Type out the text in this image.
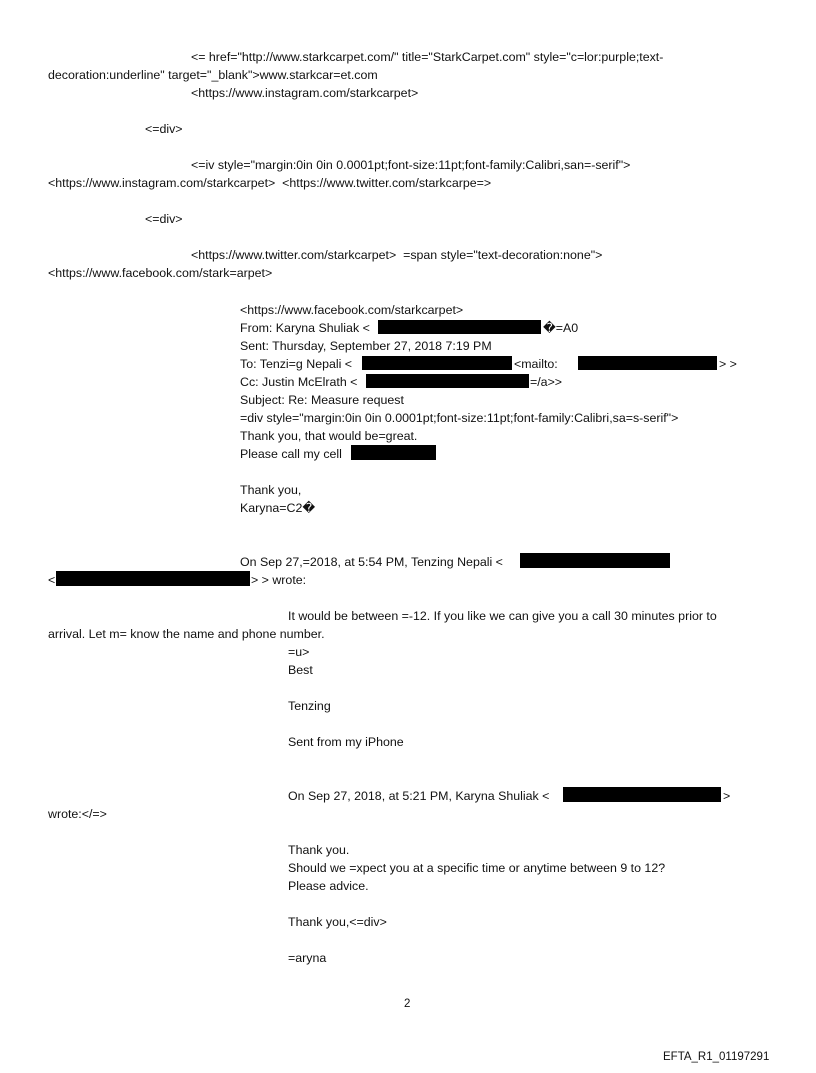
<= href="http://www.starkcarpet.com/" title="StarkCarpet.com" style="c=lor:purple;text-
decoration:underline" target="_blank">www.starkcar=et.com
<https://www.instagram.com/starkcarpet>
<=div>
<=iv style="margin:0in 0in 0.0001pt;font-size:11pt;font-family:Calibri,san=-serif">
<https://www.instagram.com/starkcarpet>  <https://www.twitter.com/starkcarpe=>
<=div>
<https://www.twitter.com/starkcarpet>  =span style="text-decoration:none">
<https://www.facebook.com/stark=arpet>
<https://www.facebook.com/starkcarpet>
From: Karyna Shuliak <	�=A0
Sent: Thursday, September 27, 2018 7:19 PM
To: Tenzi=g Nepali <	<mailto:	> >
Cc: Justin McElrath <	=/a>>
Subject: Re: Measure request
=div style="margin:0in 0in 0.0001pt;font-size:11pt;font-family:Calibri,sa=s-serif">
Thank you, that would be=great.
Please call my cell
Thank you,
Karyna=C2�
On Sep 27,=2018, at 5:54 PM, Tenzing Nepali <
<	> > wrote:
It would be between =-12. If you like we can give you a call 30 minutes prior to
arrival. Let m= know the name and phone number.
=u>
Best
Tenzing
Sent from my iPhone
On Sep 27, 2018, at 5:21 PM, Karyna Shuliak <	>
wrote:</=>
Thank you.
Should we =xpect you at a specific time or anytime between 9 to 12?
Please advice.
Thank you,<=div>
=aryna
2
EFTA_R1_01197291
